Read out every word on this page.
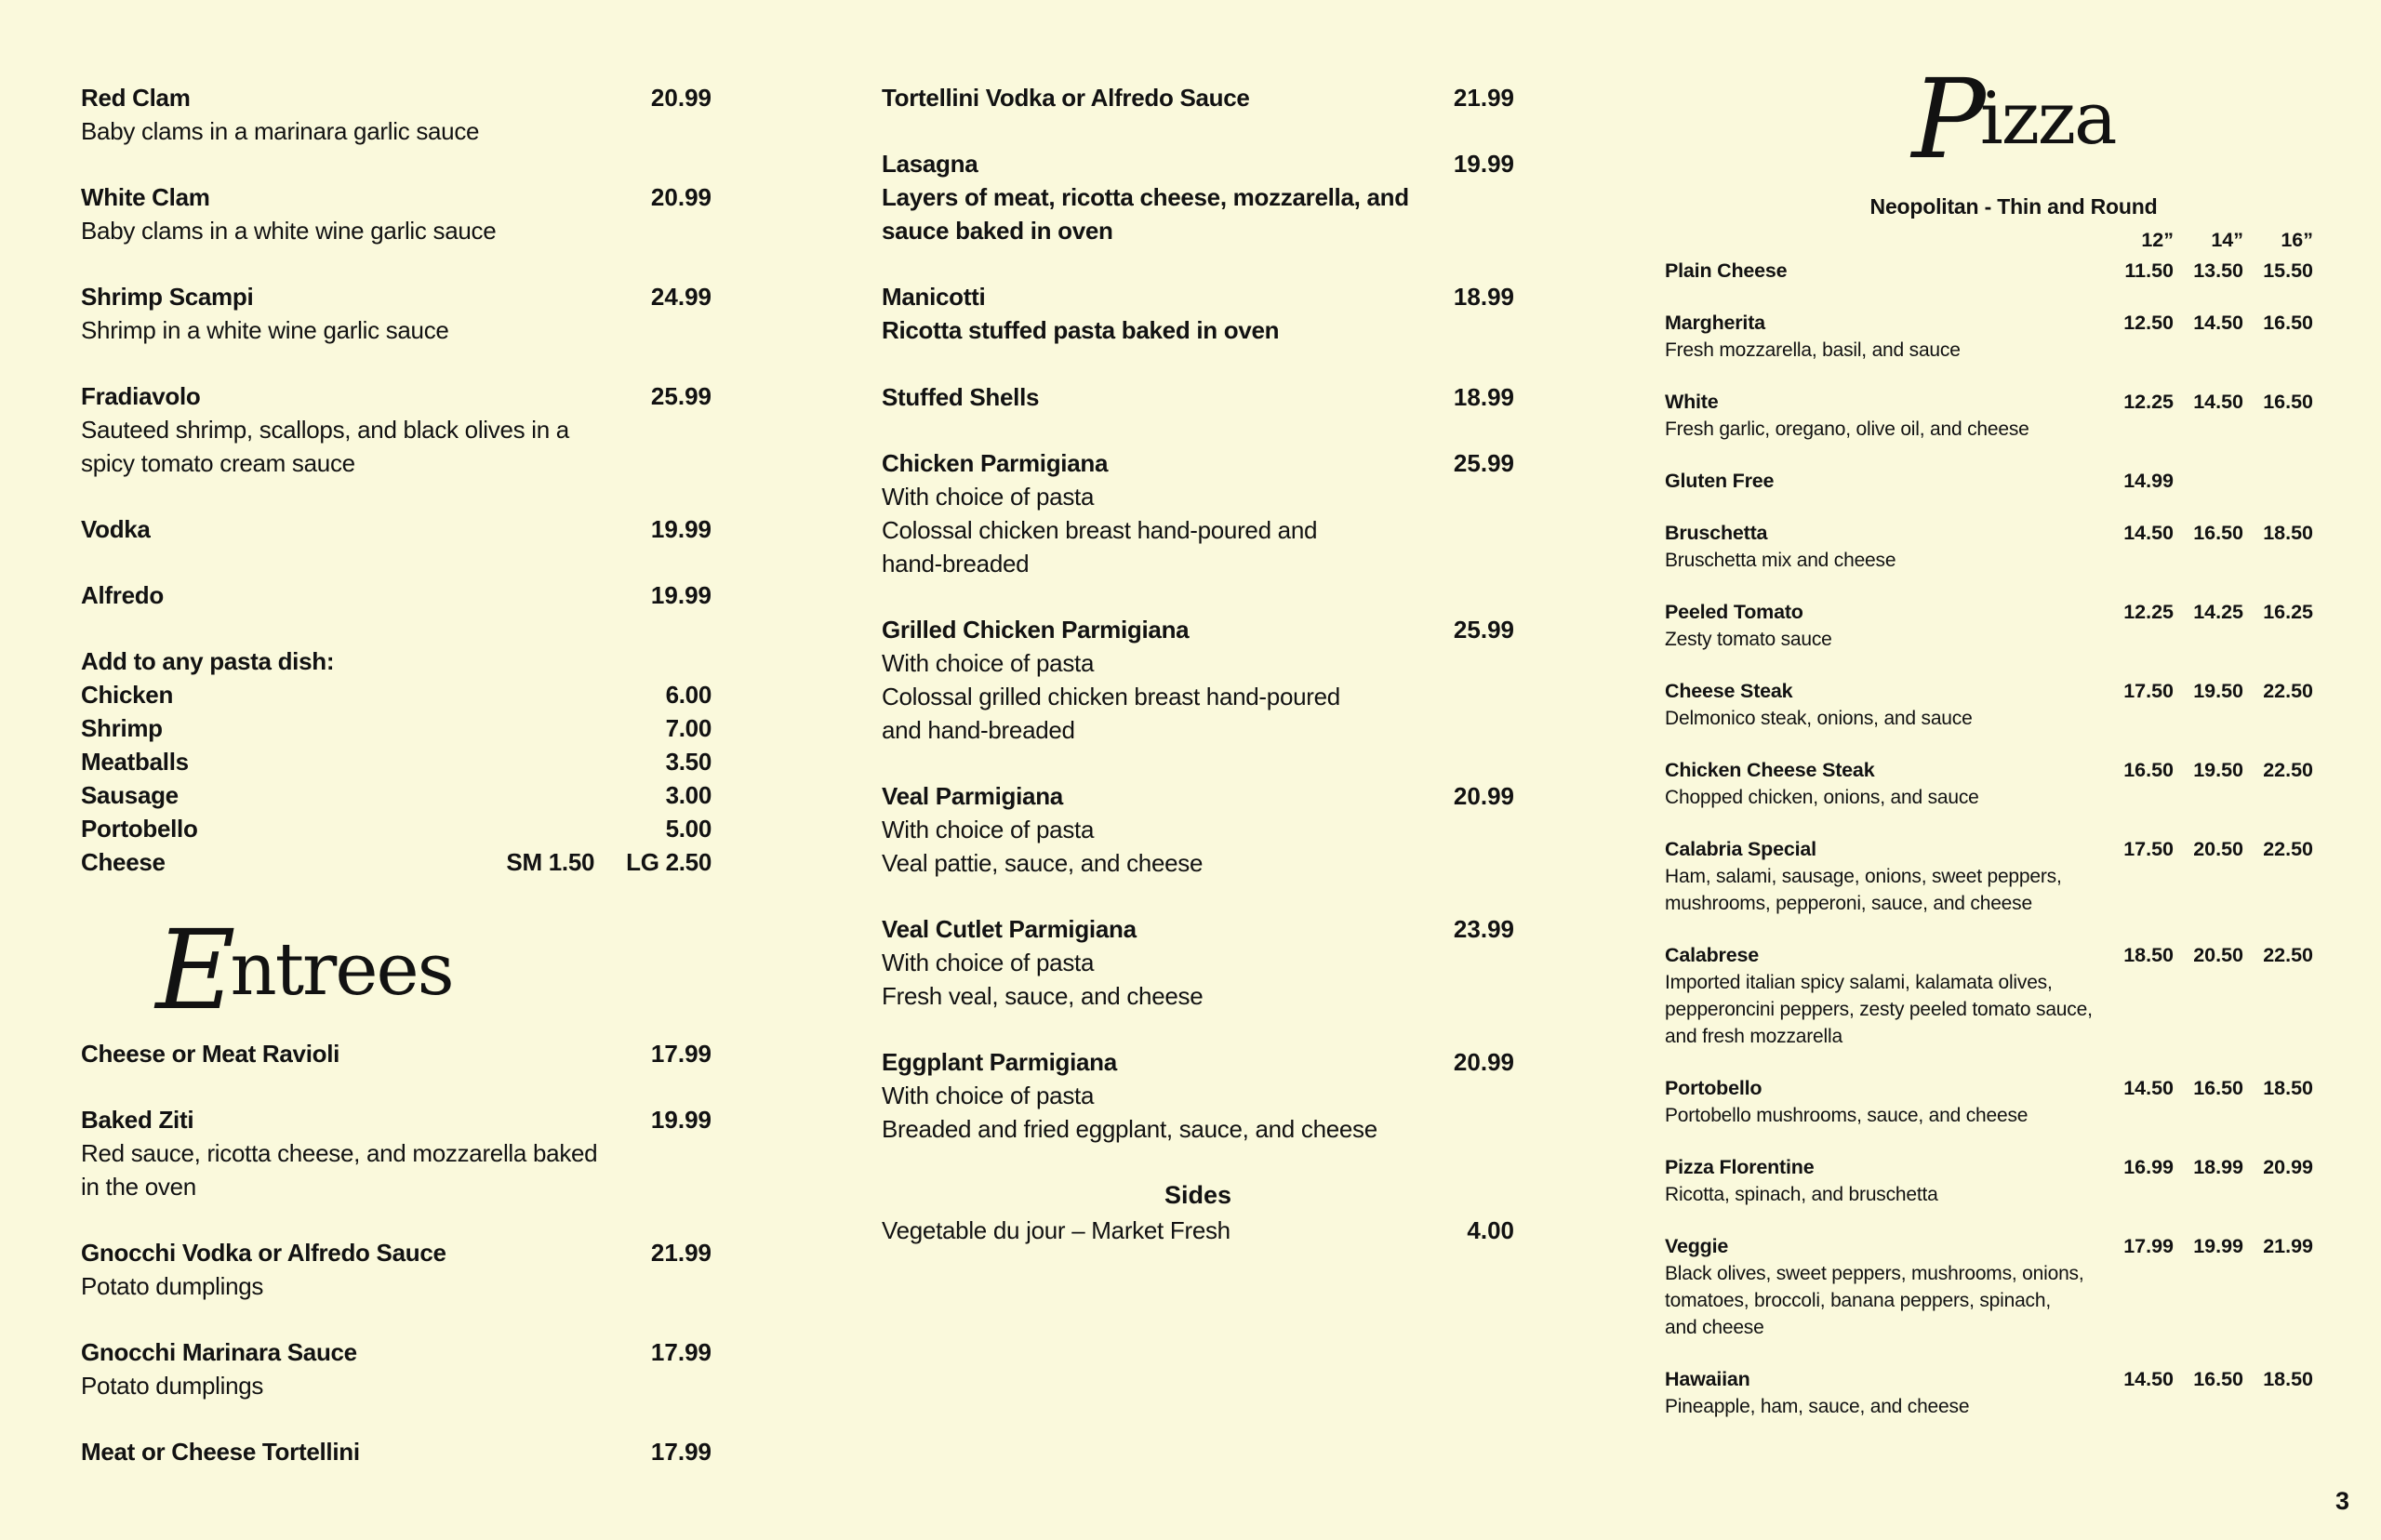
Red Clam	20.99
Baby clams in a marinara garlic sauce
White Clam	20.99
Baby clams in a white wine garlic sauce
Shrimp Scampi	24.99
Shrimp in a white wine garlic sauce
Fradiavolo	25.99
Sauteed shrimp, scallops, and black olives in a
spicy tomato cream sauce
Vodka	19.99
Alfredo	19.99
Add to any pasta dish:
Chicken	6.00
Shrimp	7.00
Meatballs	3.50
Sausage	3.00
Portobello	5.00
Cheese	SM 1.50 LG 2.50
E ntrees
Cheese or Meat Ravioli	17.99
Baked Ziti	19.99
Red sauce, ricotta cheese, and mozzarella baked
in the oven
Gnocchi Vodka or Alfredo Sauce	21.99
Potato dumplings
Gnocchi Marinara Sauce	17.99
Potato dumplings
Meat or Cheese Tortellini	17.99
Tortellini Vodka or Alfredo Sauce	21.99
Lasagna	19.99
Layers of meat, ricotta cheese, mozzarella, and
sauce baked in oven
Manicotti	18.99
Ricotta stuffed pasta baked in oven
Stuffed Shells	18.99
Chicken Parmigiana	25.99
With choice of pasta
Colossal chicken breast hand-poured and
hand-breaded
Grilled Chicken Parmigiana	25.99
With choice of pasta
Colossal grilled chicken breast hand-poured
and hand-breaded
Veal Parmigiana	20.99
With choice of pasta
Veal pattie, sauce, and cheese
Veal Cutlet Parmigiana	23.99
With choice of pasta
Fresh veal, sauce, and cheese
Eggplant Parmigiana	20.99
With choice of pasta
Breaded and fried eggplant, sauce, and cheese
Sides
Vegetable du jour – Market Fresh	4.00
P izza
Neopolitan - Thin and Round
12”	14”	16”
Plain Cheese	11.50 13.50 15.50
Margherita	12.50 14.50 16.50
Fresh mozzarella, basil, and sauce
White	12.25 14.50 16.50
Fresh garlic, oregano, olive oil, and cheese
Gluten Free	14.99
Bruschetta	14.50 16.50 18.50
Bruschetta mix and cheese
Peeled Tomato	12.25 14.25 16.25
Zesty tomato sauce
Cheese Steak	17.50 19.50 22.50
Delmonico steak, onions, and sauce
Chicken Cheese Steak	16.50 19.50 22.50
Chopped chicken, onions, and sauce
Calabria Special	17.50 20.50 22.50
Ham, salami, sausage, onions, sweet peppers,
mushrooms, pepperoni, sauce, and cheese
Calabrese	18.50 20.50 22.50
Imported italian spicy salami, kalamata olives,
pepperoncini peppers, zesty peeled tomato sauce,
and fresh mozzarella
Portobello	14.50 16.50 18.50
Portobello mushrooms, sauce, and cheese
Pizza Florentine	16.99 18.99 20.99
Ricotta, spinach, and bruschetta
Veggie	17.99 19.99 21.99
Black olives, sweet peppers, mushrooms, onions,
tomatoes, broccoli, banana peppers, spinach,
and cheese
Hawaiian	14.50 16.50 18.50
Pineapple, ham, sauce, and cheese
3
